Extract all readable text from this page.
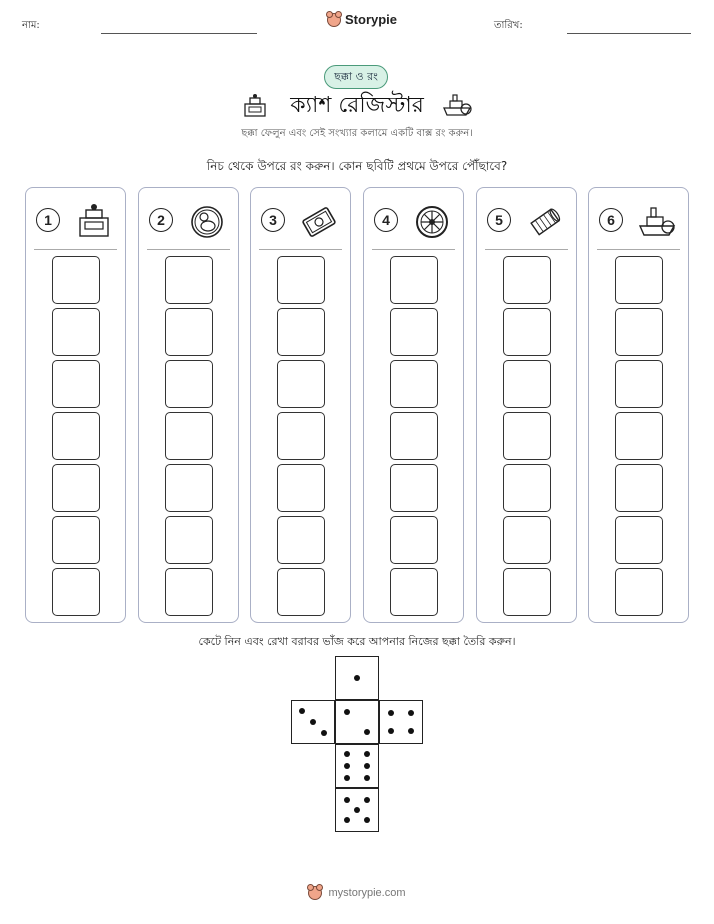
নাম:	Storypie	তারিখ:
ছক্কা ও রং
ক্যাশ রেজিস্টার
ছক্কা ফেলুন এবং সেই সংখ্যার কলামে একটি বাক্স রং করুন।
নিচ থেকে উপরে রং করুন। কোন ছবিটি প্রথমে উপরে পৌঁছাবে?
1	2	3	4	5	6
কেটে নিন এবং রেখা বরাবর ভাঁজ করে আপনার নিজের ছক্কা তৈরি করুন।
mystorypie.com
